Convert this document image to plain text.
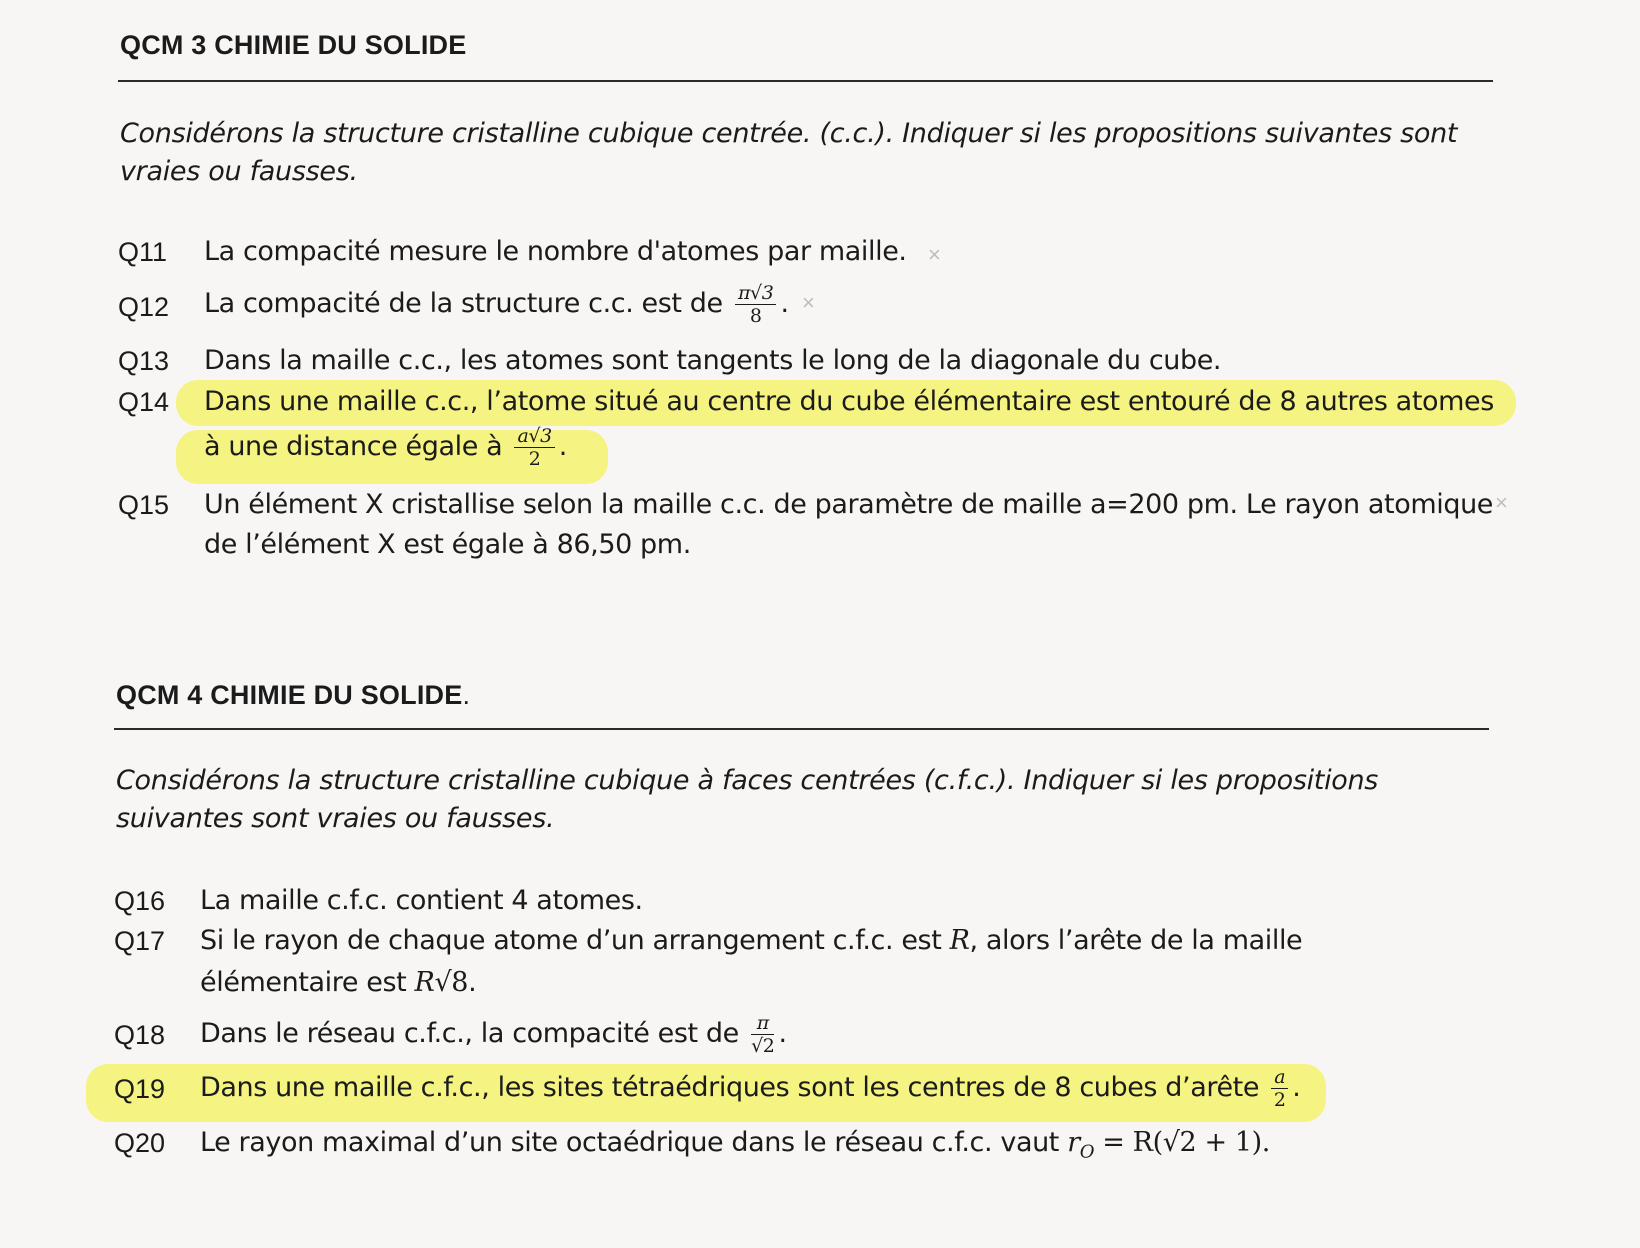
QCM 3 CHIMIE DU SOLIDE
Considérons la structure cristalline cubique centrée. (c.c.). Indiquer si les propositions suivantes sont vraies ou fausses.
Q11 La compacité mesure le nombre d'atomes par maille.
Q12 La compacité de la structure c.c. est de $\frac{\pi√3}{8}$ .
Q13 Dans la maille c.c., les atomes sont tangents le long de la diagonale du cube.
Q14 Dans une maille c.c., l’atome situé au centre du cube élémentaire est entouré de 8 autres atomes
à une distance égale à $\frac{a√3}{2}$ .
Q15 Un élément X cristallise selon la maille c.c. de paramètre de maille a=200 pm. Le rayon atomique
de l’élément X est égale à 86,50 pm.
QCM 4 CHIMIE DU SOLIDE.
Considérons la structure cristalline cubique à faces centrées (c.f.c.). Indiquer si les propositions suivantes sont vraies ou fausses.
Q16 La maille c.f.c. contient 4 atomes.
Q17 Si le rayon de chaque atome d’un arrangement c.f.c. est R, alors l’arête de la maille
élémentaire est R√8.
Q18 Dans le réseau c.f.c., la compacité est de $\frac{\pi}{√2}$ .
Q19 Dans une maille c.f.c., les sites tétraédriques sont les centres de 8 cubes d’arête $\frac{a}{2}$ .
Q20 Le rayon maximal d’un site octaédrique dans le réseau c.f.c. vaut $r_O = R(√2 + 1)$.
×
×
×
